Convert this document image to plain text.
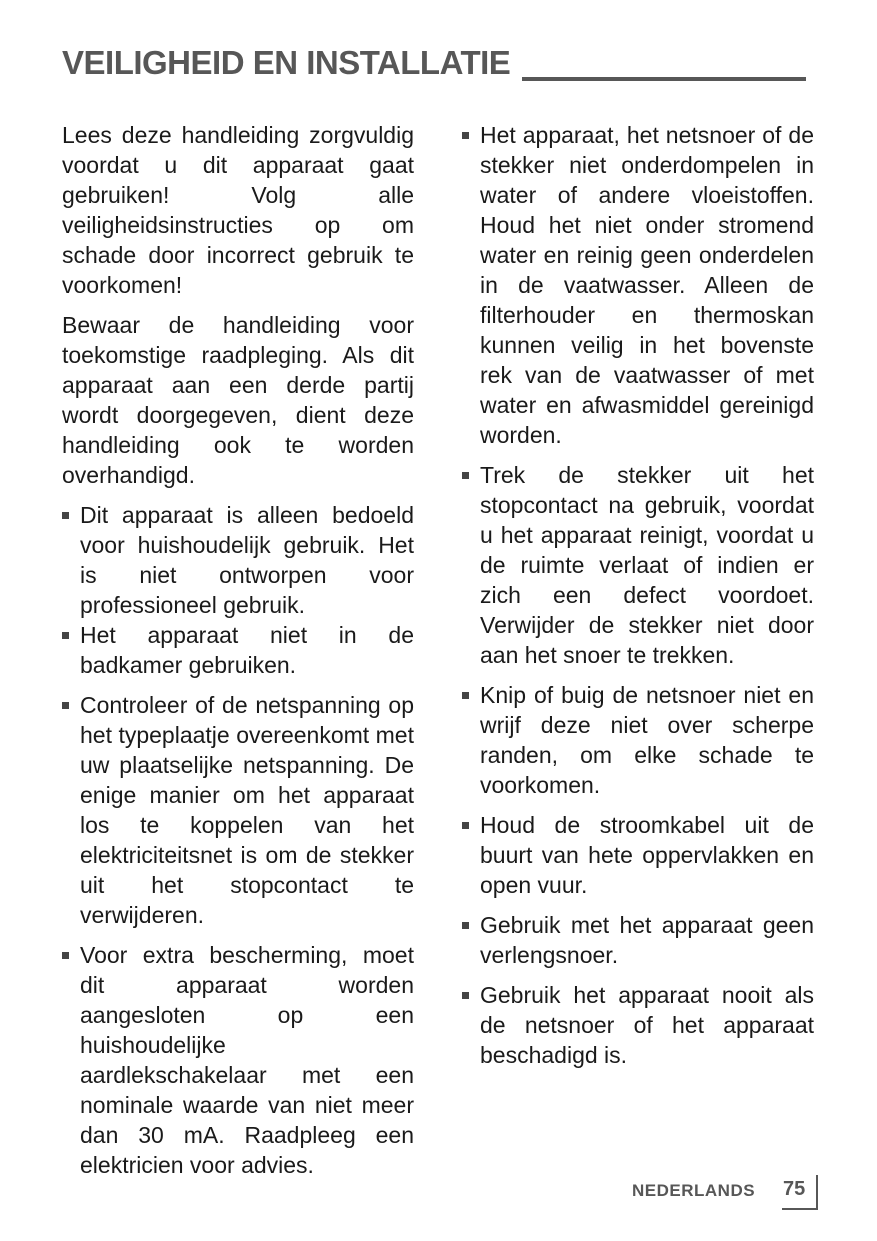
VEILIGHEID EN INSTALLATIE

Lees deze handleiding zorgvuldig voordat u dit apparaat gaat gebruiken! Volg alle veiligheidsinstructies op om schade door incorrect gebruik te voorkomen!

Bewaar de handleiding voor toekomstige raadpleging. Als dit apparaat aan een derde partij wordt doorgegeven, dient deze handleiding ook te worden overhandigd.

Dit apparaat is alleen bedoeld voor huishoudelijk gebruik. Het is niet ontworpen voor professioneel gebruik.
Het apparaat niet in de badkamer gebruiken.
Controleer of de netspanning op het typeplaatje overeenkomt met uw plaatselijke netspanning. De enige manier om het apparaat los te koppelen van het elektriciteitsnet is om de stekker uit het stopcontact te verwijderen.
Voor extra bescherming, moet dit apparaat worden aangesloten op een huishoudelijke aardlekschakelaar met een nominale waarde van niet meer dan 30 mA. Raadpleeg een elektricien voor advies.
Het apparaat, het netsnoer of de stekker niet onderdompelen in water of andere vloeistoffen. Houd het niet onder stromend water en reinig geen onderdelen in de vaatwasser. Alleen de filterhouder en thermoskan kunnen veilig in het bovenste rek van de vaatwasser of met water en afwasmiddel gereinigd worden.
Trek de stekker uit het stopcontact na gebruik, voordat u het apparaat reinigt, voordat u de ruimte verlaat of indien er zich een defect voordoet. Verwijder de stekker niet door aan het snoer te trekken.
Knip of buig de netsnoer niet en wrijf deze niet over scherpe randen, om elke schade te voorkomen.
Houd de stroomkabel uit de buurt van hete oppervlakken en open vuur.
Gebruik met het apparaat geen verlengsnoer.
Gebruik het apparaat nooit als de netsnoer of het apparaat beschadigd is.
NEDERLANDS 75
